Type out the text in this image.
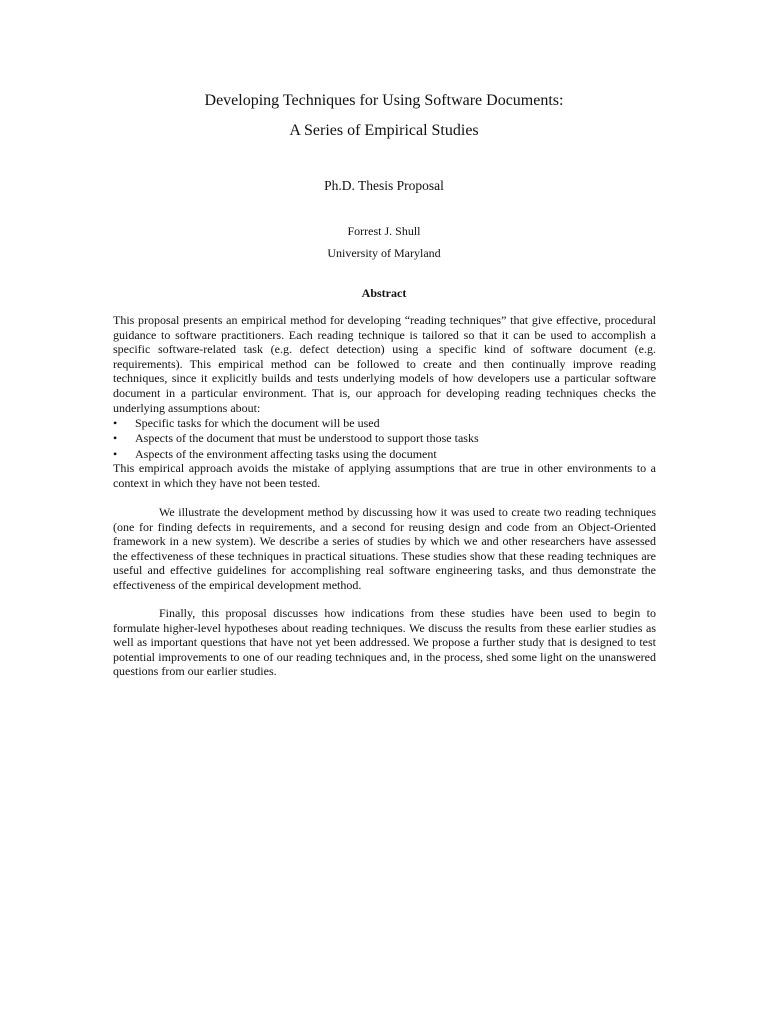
Developing Techniques for Using Software Documents:
A Series of Empirical Studies
Ph.D. Thesis Proposal
Forrest J. Shull
University of Maryland
Abstract

This proposal presents an empirical method for developing “reading techniques” that give effective, procedural guidance to software practitioners. Each reading technique is tailored so that it can be used to accomplish a specific software-related task (e.g. defect detection) using a specific kind of software document (e.g. requirements). This empirical method can be followed to create and then continually improve reading techniques, since it explicitly builds and tests underlying models of how developers use a particular software document in a particular environment. That is, our approach for developing reading techniques checks the underlying assumptions about:

• Specific tasks for which the document will be used
• Aspects of the document that must be understood to support those tasks
• Aspects of the environment affecting tasks using the document

This empirical approach avoids the mistake of applying assumptions that are true in other environments to a context in which they have not been tested.

We illustrate the development method by discussing how it was used to create two reading techniques (one for finding defects in requirements, and a second for reusing design and code from an Object-Oriented framework in a new system). We describe a series of studies by which we and other researchers have assessed the effectiveness of these techniques in practical situations. These studies show that these reading techniques are useful and effective guidelines for accomplishing real software engineering tasks, and thus demonstrate the effectiveness of the empirical development method.

Finally, this proposal discusses how indications from these studies have been used to begin to formulate higher-level hypotheses about reading techniques. We discuss the results from these earlier studies as well as important questions that have not yet been addressed. We propose a further study that is designed to test potential improvements to one of our reading techniques and, in the process, shed some light on the unanswered questions from our earlier studies.
